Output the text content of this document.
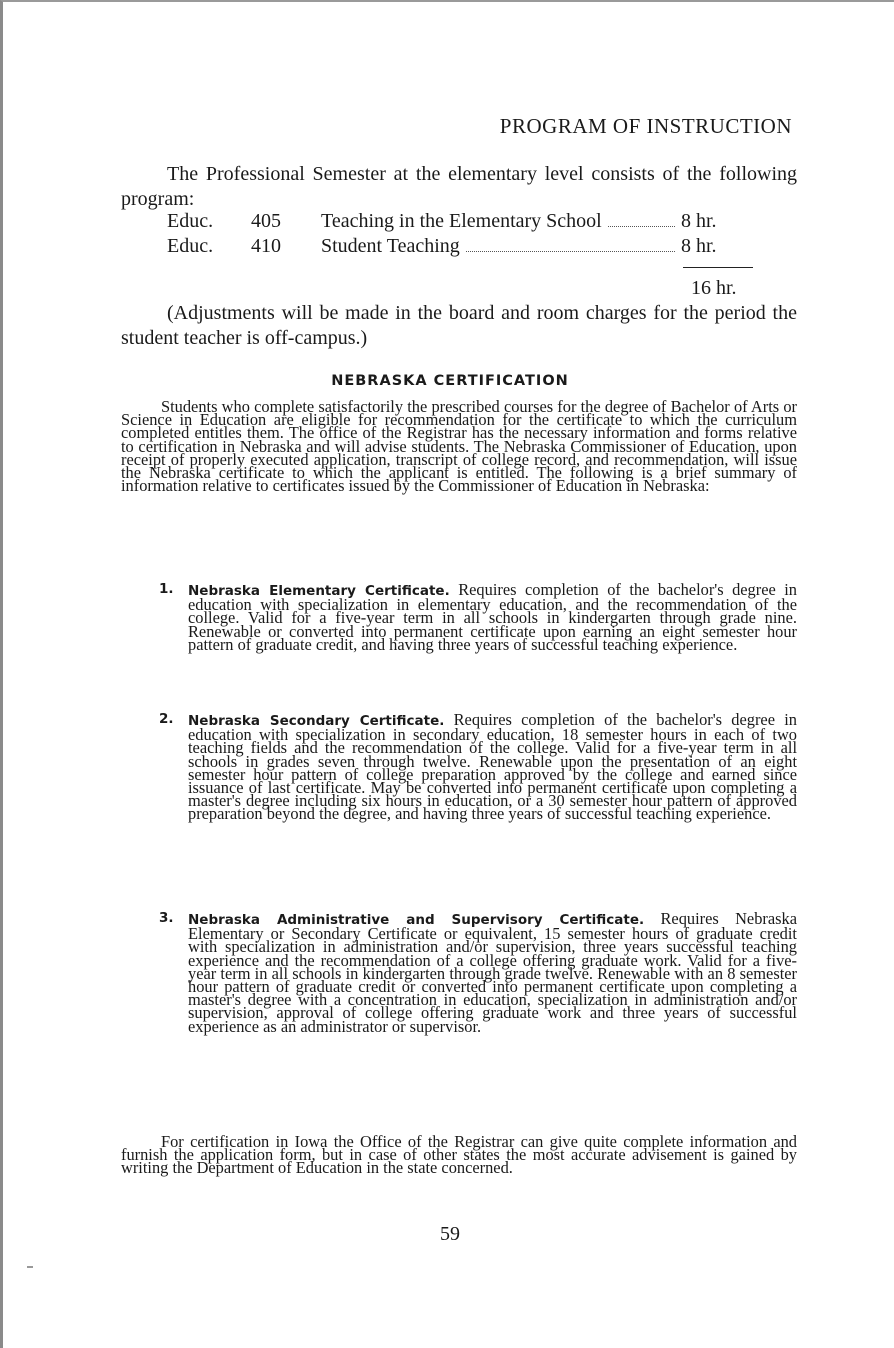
PROGRAM OF INSTRUCTION

The Professional Semester at the elementary level consists of the following program:

Educ.	405	Teaching in the Elementary School	8 hr.
Educ.	410	Student Teaching	8 hr.
16 hr.

(Adjustments will be made in the board and room charges for the period the student teacher is off-campus.)

NEBRASKA CERTIFICATION

Students who complete satisfactorily the prescribed courses for the degree of Bachelor of Arts or Science in Education are eligible for recommendation for the certificate to which the curriculum completed entitles them. The office of the Registrar has the necessary information and forms relative to certification in Nebraska and will advise students. The Nebraska Commissioner of Education, upon receipt of properly executed application, transcript of college record, and recommendation, will issue the Nebraska certificate to which the applicant is entitled. The following is a brief summary of information relative to certificates issued by the Commissioner of Education in Nebraska:

1.	Nebraska Elementary Certificate. Requires completion of the bachelor's degree in education with specialization in elementary education, and the recommendation of the college. Valid for a five-year term in all schools in kindergarten through grade nine. Renewable or converted into permanent certificate upon earning an eight semester hour pattern of graduate credit, and having three years of successful teaching experience.

2.	Nebraska Secondary Certificate. Requires completion of the bachelor's degree in education with specialization in secondary education, 18 semester hours in each of two teaching fields and the recommendation of the college. Valid for a five-year term in all schools in grades seven through twelve. Renewable upon the presentation of an eight semester hour pattern of college preparation approved by the college and earned since issuance of last certificate. May be converted into permanent certificate upon completing a master's degree including six hours in education, or a 30 semester hour pattern of approved preparation beyond the degree, and having three years of successful teaching experience.

3.	Nebraska Administrative and Supervisory Certificate. Requires Nebraska Elementary or Secondary Certificate or equivalent, 15 semester hours of graduate credit with specialization in administration and/or supervision, three years successful teaching experience and the recommendation of a college offering graduate work. Valid for a five-year term in all schools in kindergarten through grade twelve. Renewable with an 8 semester hour pattern of graduate credit or converted into permanent certificate upon completing a master's degree with a concentration in education, specialization in administration and/or supervision, approval of college offering graduate work and three years of successful experience as an administrator or supervisor.

For certification in Iowa the Office of the Registrar can give quite complete information and furnish the application form, but in case of other states the most accurate advisement is gained by writing the Department of Education in the state concerned.

59
